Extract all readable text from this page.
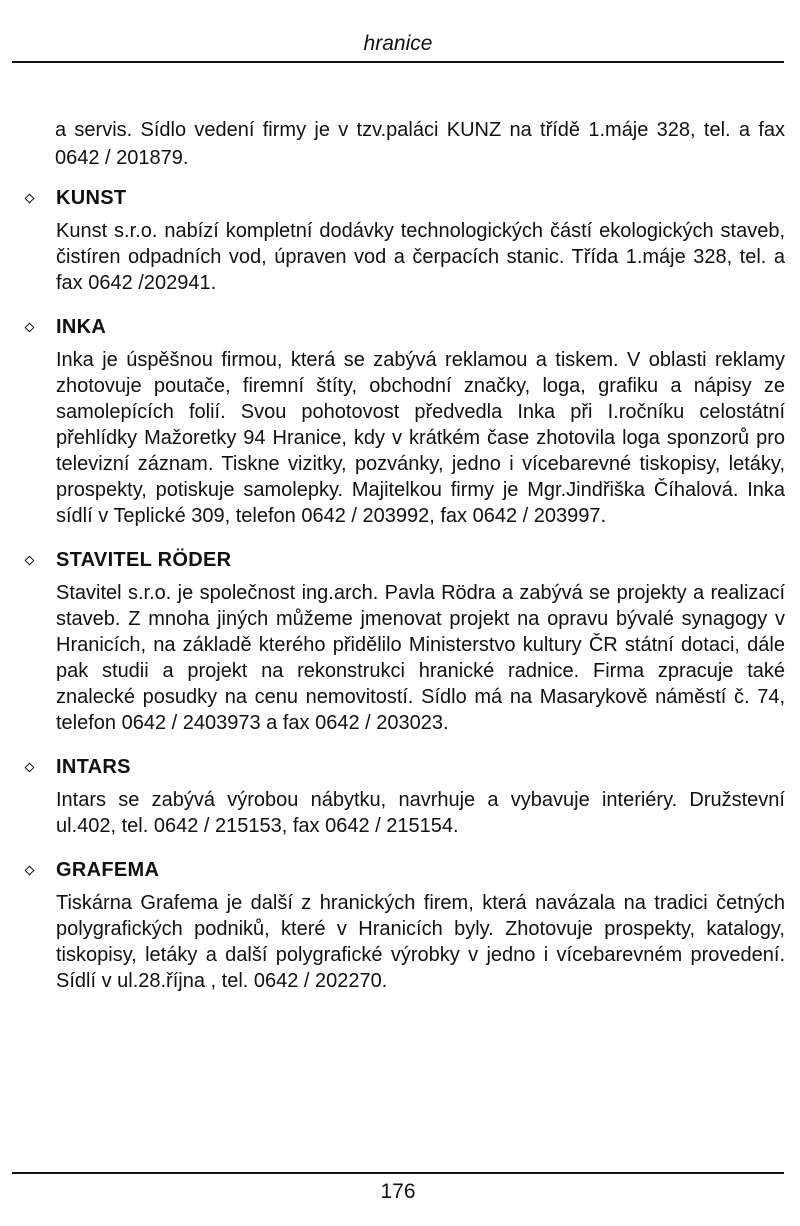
hranice

a servis. Sídlo vedení firmy je v tzv.paláci KUNZ na třídě 1.máje 328, tel. a fax 0642 / 201879.

KUNST

Kunst s.r.o. nabízí kompletní dodávky technologických částí ekologických staveb, čistíren odpadních vod, úpraven vod a čerpacích stanic. Třída 1.máje 328, tel. a fax 0642 /202941.

INKA

Inka je úspěšnou firmou, která se zabývá reklamou a tiskem. V oblasti reklamy zhotovuje poutače, firemní štíty, obchodní značky, loga, grafiku a nápisy ze samolepících folií. Svou pohotovost předvedla Inka při I.ročníku celostátní přehlídky Mažoretky 94 Hranice, kdy v krátkém čase zhotovila loga sponzorů pro televizní záznam. Tiskne vizitky, pozvánky, jedno i vícebarevné tiskopisy, letáky, prospekty, potiskuje samolepky. Majitelkou firmy je Mgr.Jindřiška Číhalová. Inka sídlí v Teplické 309, telefon 0642 / 203992, fax 0642 / 203997.

STAVITEL RÖDER

Stavitel s.r.o. je společnost ing.arch. Pavla Rödra a zabývá se projekty a realizací staveb. Z mnoha jiných můžeme jmenovat projekt na opravu bývalé synagogy v Hranicích, na základě kterého přidělilo Ministerstvo kultury ČR státní dotaci, dále pak studii a projekt na rekonstrukci hranické radnice. Firma zpracuje také znalecké posudky na cenu nemovitostí. Sídlo má na Masarykově náměstí č. 74, telefon 0642 / 2403973 a fax 0642 / 203023.

INTARS

Intars se zabývá výrobou nábytku, navrhuje a vybavuje interiéry. Družstevní ul.402, tel. 0642 / 215153, fax 0642 / 215154.

GRAFEMA

Tiskárna Grafema je další z hranických firem, která navázala na tradici četných polygrafických podniků, které v Hranicích byly. Zhotovuje prospekty, katalogy, tiskopisy, letáky a další polygrafické výrobky v jedno i vícebarevném provedení. Sídlí v ul.28.října , tel. 0642 / 202270.

176
